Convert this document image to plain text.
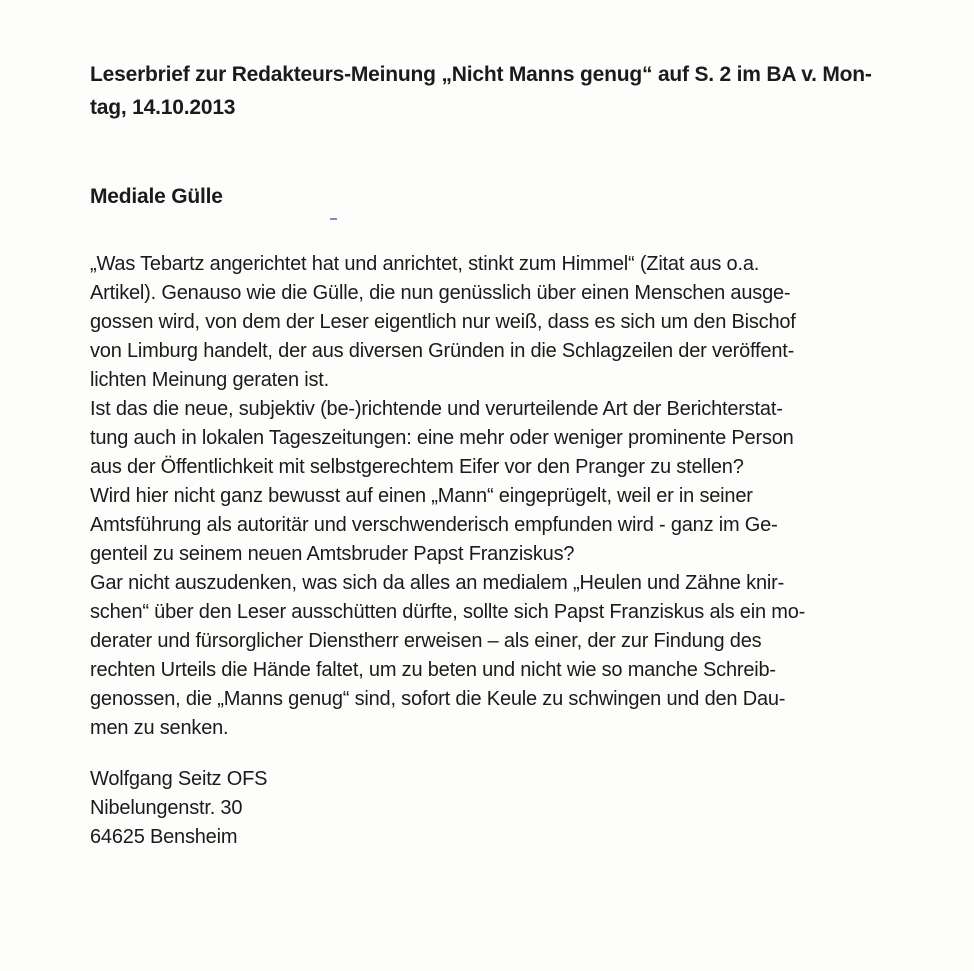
Leserbrief zur Redakteurs-Meinung „Nicht Manns genug“ auf S. 2 im BA v. Mon-
tag, 14.10.2013
Mediale Gülle
„Was Tebartz angerichtet hat und anrichtet, stinkt zum Himmel“ (Zitat aus o.a.
Artikel). Genauso wie die Gülle, die nun genüsslich über einen Menschen ausge-
gossen wird, von dem der Leser eigentlich nur weiß, dass es sich um den Bischof
von Limburg handelt, der aus diversen Gründen in die Schlagzeilen der veröffent-
lichten Meinung geraten ist.
Ist das die neue, subjektiv (be-)richtende und verurteilende Art der Berichterstat-
tung auch in lokalen Tageszeitungen: eine mehr oder weniger prominente Person
aus der Öffentlichkeit mit selbstgerechtem Eifer vor den Pranger zu stellen?
Wird hier nicht ganz bewusst auf einen „Mann“ eingeprügelt, weil er in seiner
Amtsführung als autoritär und verschwenderisch empfunden wird - ganz im Ge-
genteil zu seinem neuen Amtsbruder Papst Franziskus?
Gar nicht auszudenken, was sich da alles an medialem „Heulen und Zähne knir-
schen“ über den Leser ausschütten dürfte, sollte sich Papst Franziskus als ein mo-
derater und fürsorglicher Dienstherr erweisen – als einer, der zur Findung des
rechten Urteils die Hände faltet, um zu beten und nicht wie so manche Schreib-
genossen, die „Manns genug“ sind, sofort die Keule zu schwingen und den Dau-
men zu senken.
Wolfgang Seitz OFS
Nibelungenstr. 30
64625 Bensheim
